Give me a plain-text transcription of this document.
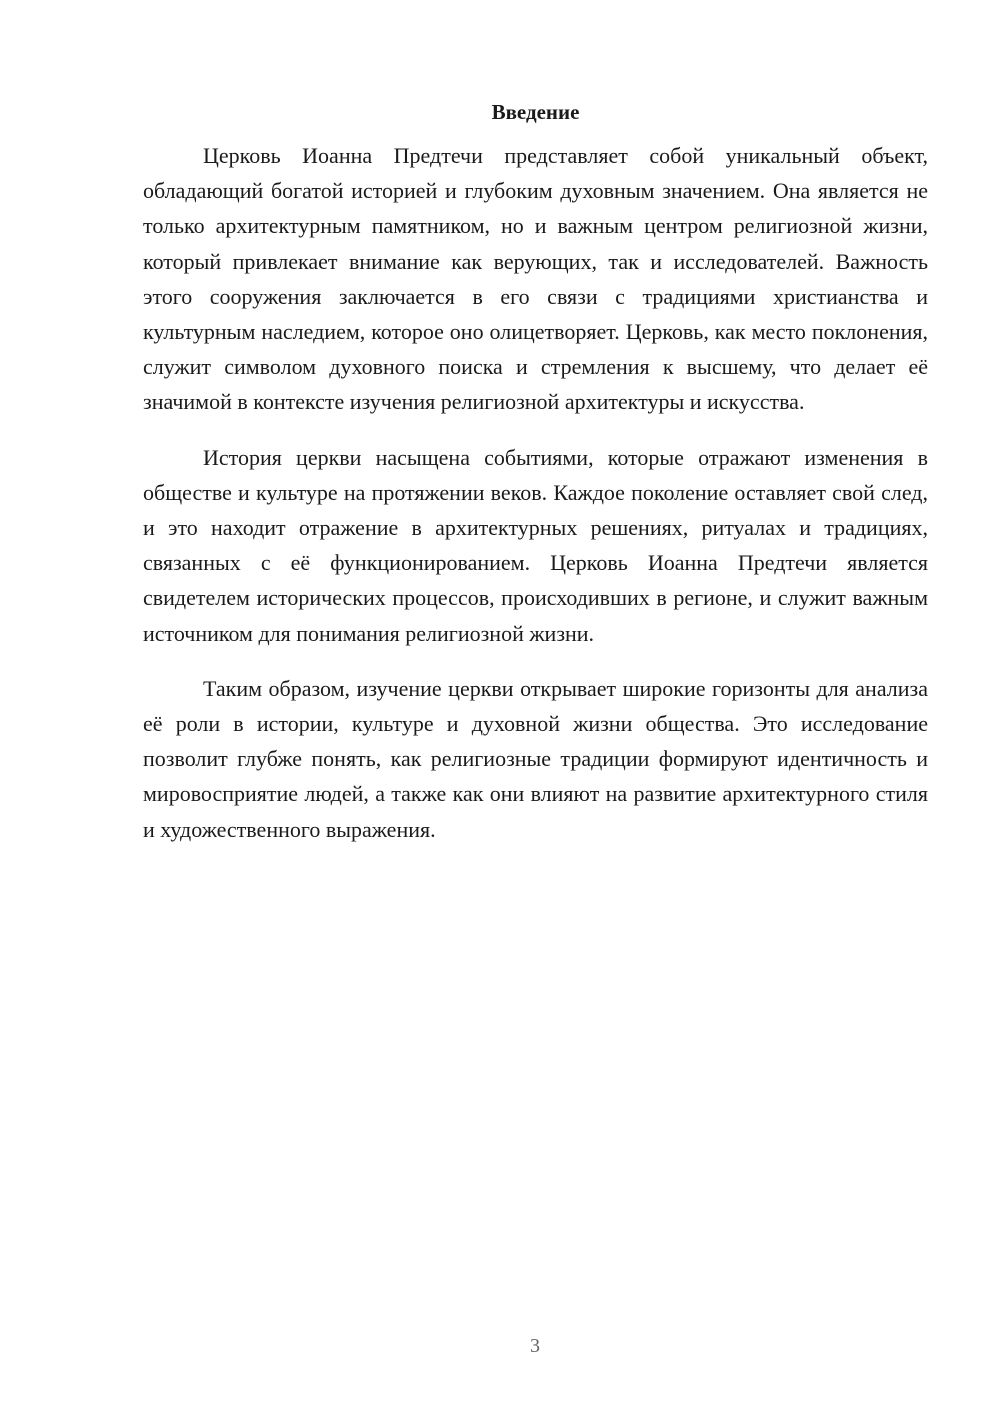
Введение

Церковь Иоанна Предтечи представляет собой уникальный объект, обладающий богатой историей и глубоким духовным значением. Она является не только архитектурным памятником, но и важным центром религиозной жизни, который привлекает внимание как верующих, так и исследователей. Важность этого сооружения заключается в его связи с традициями христианства и культурным наследием, которое оно олицетворяет. Церковь, как место поклонения, служит символом духовного поиска и стремления к высшему, что делает её значимой в контексте изучения религиозной архитектуры и искусства.

История церкви насыщена событиями, которые отражают изменения в обществе и культуре на протяжении веков. Каждое поколение оставляет свой след, и это находит отражение в архитектурных решениях, ритуалах и традициях, связанных с её функционированием. Церковь Иоанна Предтечи является свидетелем исторических процессов, происходивших в регионе, и служит важным источником для понимания религиозной жизни.

Таким образом, изучение церкви открывает широкие горизонты для анализа её роли в истории, культуре и духовной жизни общества. Это исследование позволит глубже понять, как религиозные традиции формируют идентичность и мировосприятие людей, а также как они влияют на развитие архитектурного стиля и художественного выражения.

3
